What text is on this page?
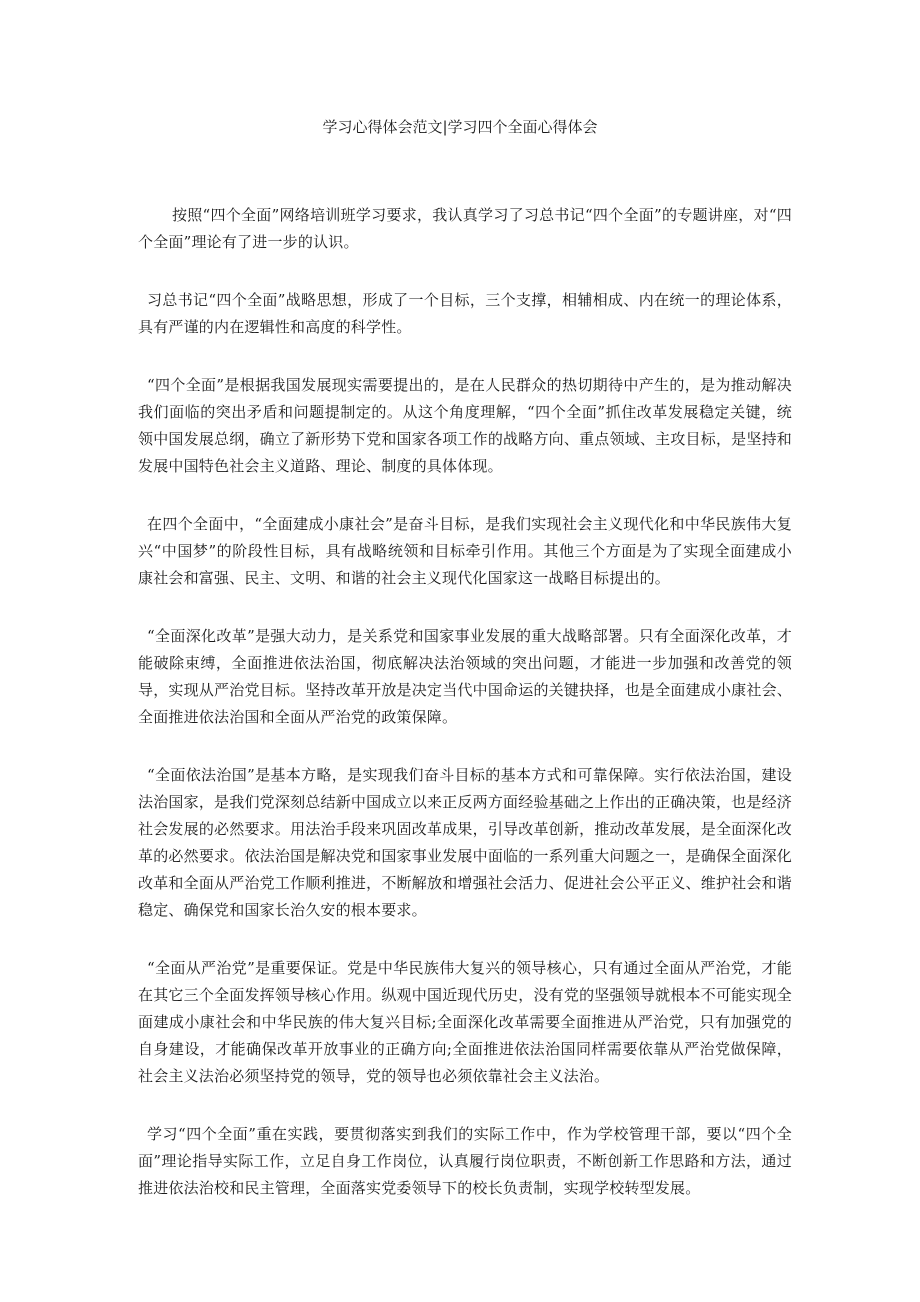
学习心得体会范文|学习四个全面心得体会

按照“四个全面”网络培训班学习要求，我认真学习了习总书记“四个全面”的专题讲座，对“四个全面”理论有了进一步的认识。

习总书记“四个全面”战略思想，形成了一个目标，三个支撑，相辅相成、内在统一的理论体系，具有严谨的内在逻辑性和高度的科学性。

“四个全面”是根据我国发展现实需要提出的，是在人民群众的热切期待中产生的，是为推动解决我们面临的突出矛盾和问题提制定的。从这个角度理解，“四个全面”抓住改革发展稳定关键，统领中国发展总纲，确立了新形势下党和国家各项工作的战略方向、重点领域、主攻目标，是坚持和发展中国特色社会主义道路、理论、制度的具体体现。

在四个全面中，“全面建成小康社会”是奋斗目标，是我们实现社会主义现代化和中华民族伟大复兴“中国梦”的阶段性目标，具有战略统领和目标牵引作用。其他三个方面是为了实现全面建成小康社会和富强、民主、文明、和谐的社会主义现代化国家这一战略目标提出的。

“全面深化改革”是强大动力，是关系党和国家事业发展的重大战略部署。只有全面深化改革，才能破除束缚，全面推进依法治国，彻底解决法治领域的突出问题，才能进一步加强和改善党的领导，实现从严治党目标。坚持改革开放是决定当代中国命运的关键抉择，也是全面建成小康社会、全面推进依法治国和全面从严治党的政策保障。

“全面依法治国”是基本方略，是实现我们奋斗目标的基本方式和可靠保障。实行依法治国，建设法治国家，是我们党深刻总结新中国成立以来正反两方面经验基础之上作出的正确决策，也是经济社会发展的必然要求。用法治手段来巩固改革成果，引导改革创新，推动改革发展，是全面深化改革的必然要求。依法治国是解决党和国家事业发展中面临的一系列重大问题之一，是确保全面深化改革和全面从严治党工作顺利推进，不断解放和增强社会活力、促进社会公平正义、维护社会和谐稳定、确保党和国家长治久安的根本要求。

“全面从严治党”是重要保证。党是中华民族伟大复兴的领导核心，只有通过全面从严治党，才能在其它三个全面发挥领导核心作用。纵观中国近现代历史，没有党的坚强领导就根本不可能实现全面建成小康社会和中华民族的伟大复兴目标;全面深化改革需要全面推进从严治党，只有加强党的自身建设，才能确保改革开放事业的正确方向;全面推进依法治国同样需要依靠从严治党做保障，社会主义法治必须坚持党的领导，党的领导也必须依靠社会主义法治。

学习“四个全面”重在实践，要贯彻落实到我们的实际工作中，作为学校管理干部，要以“四个全面”理论指导实际工作，立足自身工作岗位，认真履行岗位职责，不断创新工作思路和方法，通过推进依法治校和民主管理，全面落实党委领导下的校长负责制，实现学校转型发展。
